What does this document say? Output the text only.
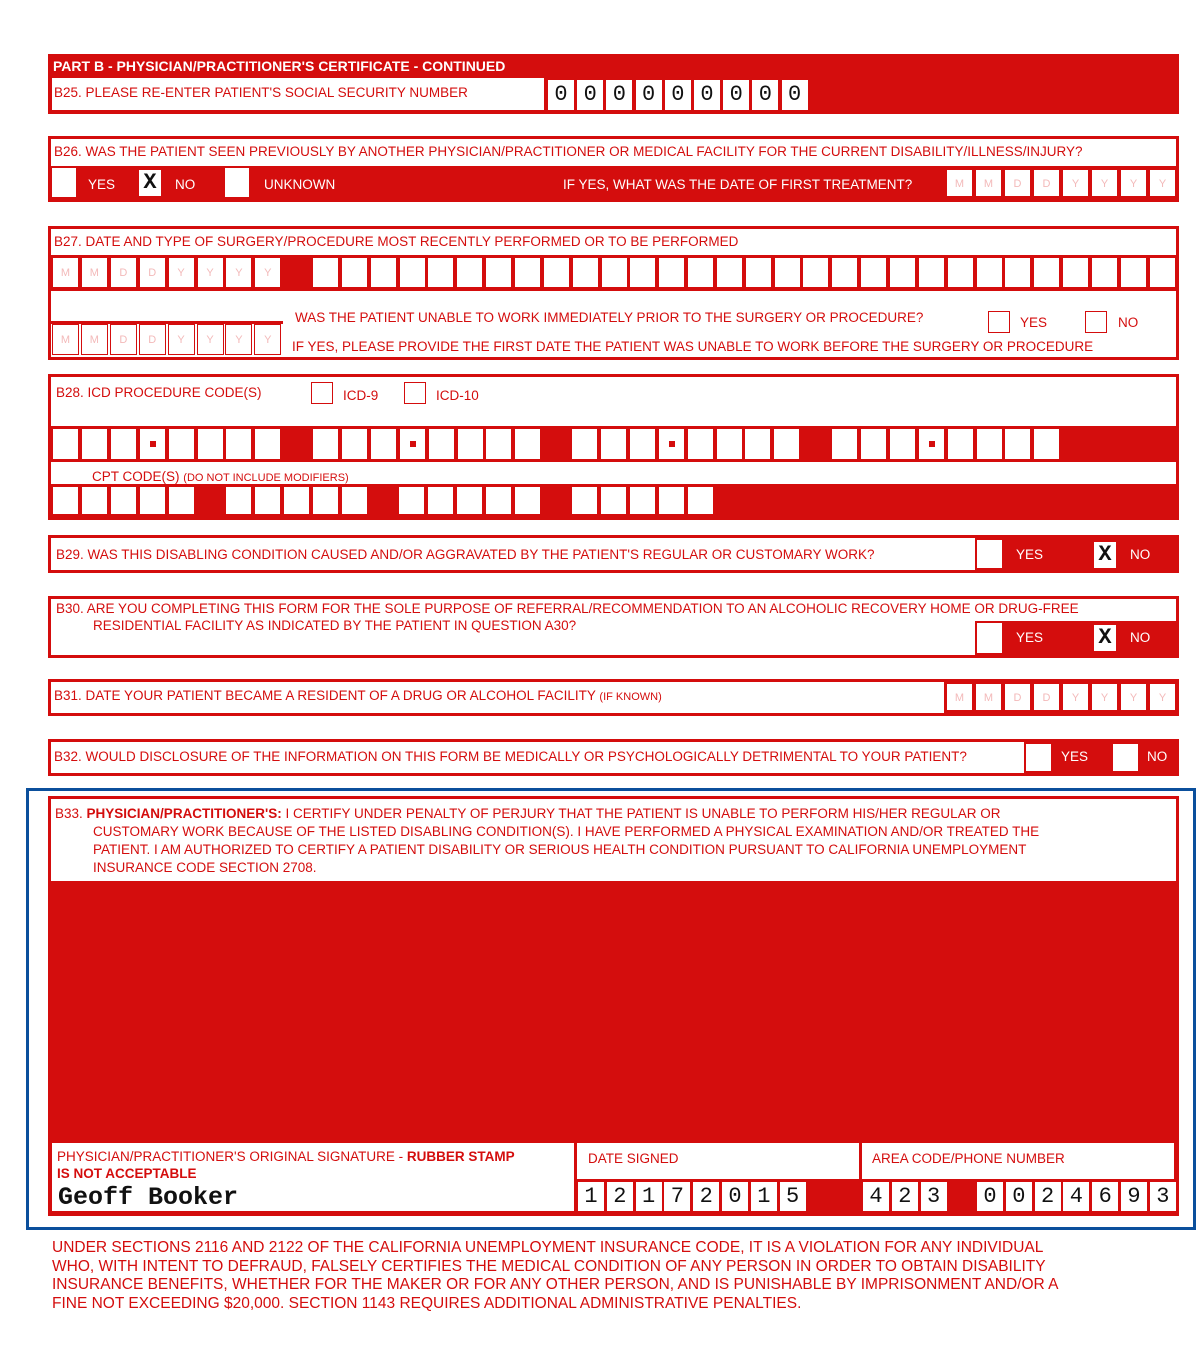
PART B - PHYSICIAN/PRACTITIONER'S CERTIFICATE - CONTINUED
B25. PLEASE RE-ENTER PATIENT'S SOCIAL SECURITY NUMBER	0 0 0 0 0 0 0 0 0
B26. WAS THE PATIENT SEEN PREVIOUSLY BY ANOTHER PHYSICIAN/PRACTITIONER OR MEDICAL FACILITY FOR THE CURRENT DISABILITY/ILLNESS/INJURY?
YES X	NO	UNKNOWN	IF YES, WHAT WAS THE DATE OF FIRST TREATMENT?	M	M	D	D	Y	Y	Y	Y
B27. DATE AND TYPE OF SURGERY/PROCEDURE MOST RECENTLY PERFORMED OR TO BE PERFORMED
M	M	D	D	Y	Y	Y	Y
WAS THE PATIENT UNABLE TO WORK IMMEDIATELY PRIOR TO THE SURGERY OR PROCEDURE?	YES	NO
M	M	D	D	Y	Y	Y	Y	IF YES, PLEASE PROVIDE THE FIRST DATE THE PATIENT WAS UNABLE TO WORK BEFORE THE SURGERY OR PROCEDURE
B28. ICD PROCEDURE CODE(S)	ICD-9	ICD-10
CPT CODE(S) (DO NOT INCLUDE MODIFIERS)
B29. WAS THIS DISABLING CONDITION CAUSED AND/OR AGGRAVATED BY THE PATIENT'S REGULAR OR CUSTOMARY WORK?	YES	X	NO
B30. ARE YOU COMPLETING THIS FORM FOR THE SOLE PURPOSE OF REFERRAL/RECOMMENDATION TO AN ALCOHOLIC RECOVERY HOME OR DRUG-FREE
RESIDENTIAL FACILITY AS INDICATED BY THE PATIENT IN QUESTION A30?
YES	X	NO
B31. DATE YOUR PATIENT BECAME A RESIDENT OF A DRUG OR ALCOHOL FACILITY (IF KNOWN)	M	M	D	D	Y	Y	Y	Y
B32. WOULD DISCLOSURE OF THE INFORMATION ON THIS FORM BE MEDICALLY OR PSYCHOLOGICALLY DETRIMENTAL TO YOUR PATIENT?	YES	NO
B33. PHYSICIAN/PRACTITIONER'S: I CERTIFY UNDER PENALTY OF PERJURY THAT THE PATIENT IS UNABLE TO PERFORM HIS/HER REGULAR OR
CUSTOMARY WORK BECAUSE OF THE LISTED DISABLING CONDITION(S). I HAVE PERFORMED A PHYSICAL EXAMINATION AND/OR TREATED THE
PATIENT. I AM AUTHORIZED TO CERTIFY A PATIENT DISABILITY OR SERIOUS HEALTH CONDITION PURSUANT TO CALIFORNIA UNEMPLOYMENT
INSURANCE CODE SECTION 2708.
PHYSICIAN/PRACTITIONER'S ORIGINAL SIGNATURE - RUBBER STAMP
IS NOT ACCEPTABLE
Geoff Booker
DATE SIGNED
1 2 1 7 2 0 1 5
AREA CODE/PHONE NUMBER
4 2 3 0 0 2 4 6 9 3
UNDER SECTIONS 2116 AND 2122 OF THE CALIFORNIA UNEMPLOYMENT INSURANCE CODE, IT IS A VIOLATION FOR ANY INDIVIDUAL
WHO, WITH INTENT TO DEFRAUD, FALSELY CERTIFIES THE MEDICAL CONDITION OF ANY PERSON IN ORDER TO OBTAIN DISABILITY
INSURANCE BENEFITS, WHETHER FOR THE MAKER OR FOR ANY OTHER PERSON, AND IS PUNISHABLE BY IMPRISONMENT AND/OR A
FINE NOT EXCEEDING $20,000. SECTION 1143 REQUIRES ADDITIONAL ADMINISTRATIVE PENALTIES.
